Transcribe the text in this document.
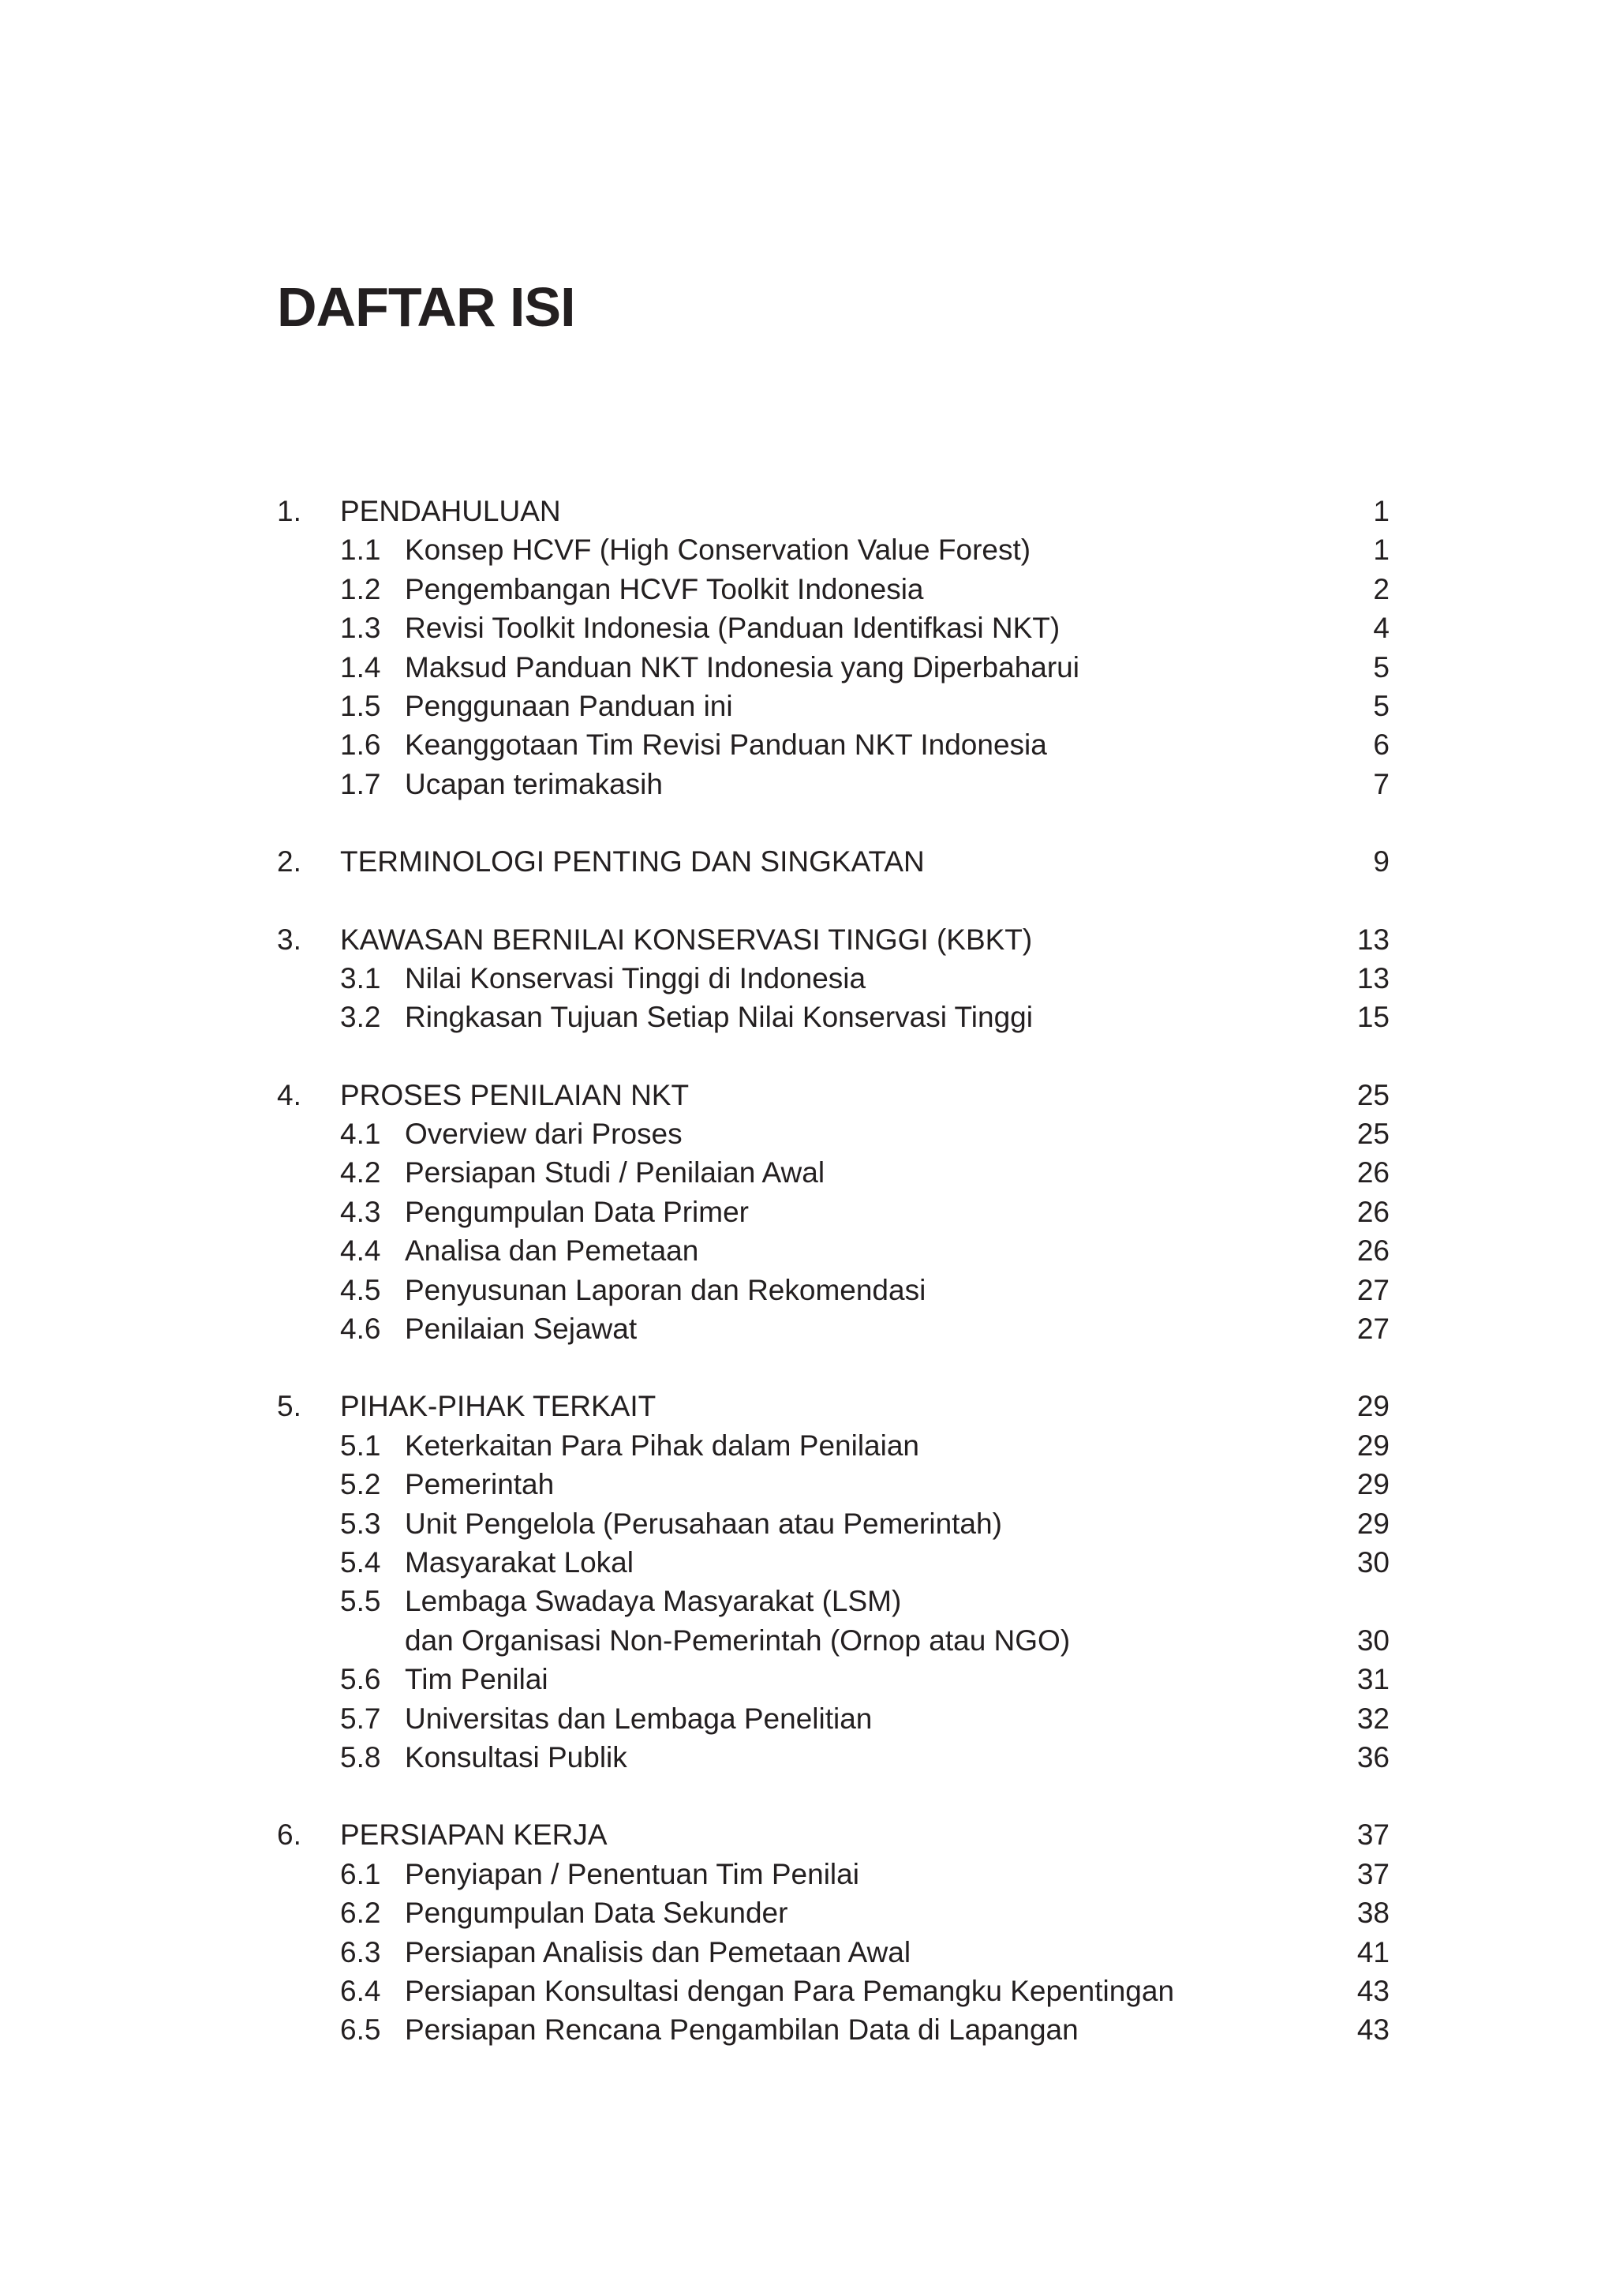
DAFTAR ISI
1. PENDAHULUAN	1
1.1 Konsep HCVF (High Conservation Value Forest)	1
1.2 Pengembangan HCVF Toolkit Indonesia	2
1.3 Revisi Toolkit Indonesia (Panduan Identifkasi NKT)	4
1.4 Maksud Panduan NKT Indonesia yang Diperbaharui	5
1.5 Penggunaan Panduan ini	5
1.6 Keanggotaan Tim Revisi Panduan NKT Indonesia	6
1.7 Ucapan terimakasih	7
2. TERMINOLOGI PENTING DAN SINGKATAN	9
3. KAWASAN BERNILAI KONSERVASI TINGGI (KBKT)	13
3.1 Nilai Konservasi Tinggi di Indonesia	13
3.2 Ringkasan Tujuan Setiap Nilai Konservasi Tinggi	15
4. PROSES PENILAIAN NKT	25
4.1 Overview dari Proses	25
4.2 Persiapan Studi / Penilaian Awal	26
4.3 Pengumpulan Data Primer	26
4.4 Analisa dan Pemetaan	26
4.5 Penyusunan Laporan dan Rekomendasi	27
4.6 Penilaian Sejawat	27
5. PIHAK-PIHAK TERKAIT	29
5.1 Keterkaitan Para Pihak dalam Penilaian	29
5.2 Pemerintah	29
5.3 Unit Pengelola (Perusahaan atau Pemerintah)	29
5.4 Masyarakat Lokal	30
5.5 Lembaga Swadaya Masyarakat (LSM)
dan Organisasi Non-Pemerintah (Ornop atau NGO)	30
5.6 Tim Penilai	31
5.7 Universitas dan Lembaga Penelitian	32
5.8 Konsultasi Publik	36
6. PERSIAPAN KERJA	37
6.1 Penyiapan / Penentuan Tim Penilai	37
6.2 Pengumpulan Data Sekunder	38
6.3 Persiapan Analisis dan Pemetaan Awal	41
6.4 Persiapan Konsultasi dengan Para Pemangku Kepentingan	43
6.5 Persiapan Rencana Pengambilan Data di Lapangan	43
